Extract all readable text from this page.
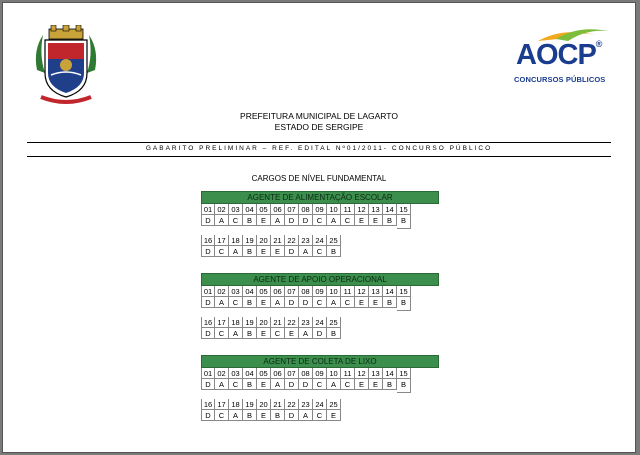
AOCP®
CONCURSOS PÚBLICOS
PREFEITURA MUNICIPAL DE LAGARTO
ESTADO DE SERGIPE
GABARITO PRELIMINAR – REF. EDITAL Nº01/2011- CONCURSO PÚBLICO
CARGOS DE NÍVEL FUNDAMENTAL
AGENTE DE ALIMENTAÇÃO ESCOLAR
01 02 03 04 05 06 07 08 09 10 11 12 13 14 15
D	A	C	B	E	A	D	D	C	A	C	E	E	B	B
16 17 18 19 20 21 22 23 24 25
D	C	A	B	E	E	D	A	C	B
AGENTE DE APOIO OPERACIONAL
01 02 03 04 05 06 07 08 09 10 11 12 13 14 15
D	A	C	B	E	A	D	D	C	A	C	E	E	B	B
16 17 18 19 20 21 22 23 24 25
D	C	A	B	E	C	E	A	D	B
AGENTE DE COLETA DE LIXO
01 02 03 04 05 06 07 08 09 10 11 12 13 14 15
D	A	C	B	E	A	D	D	C	A	C	E	E	B	B
16 17 18 19 20 21 22 23 24 25
D	C	A	B	E	B	D	A	C	E
